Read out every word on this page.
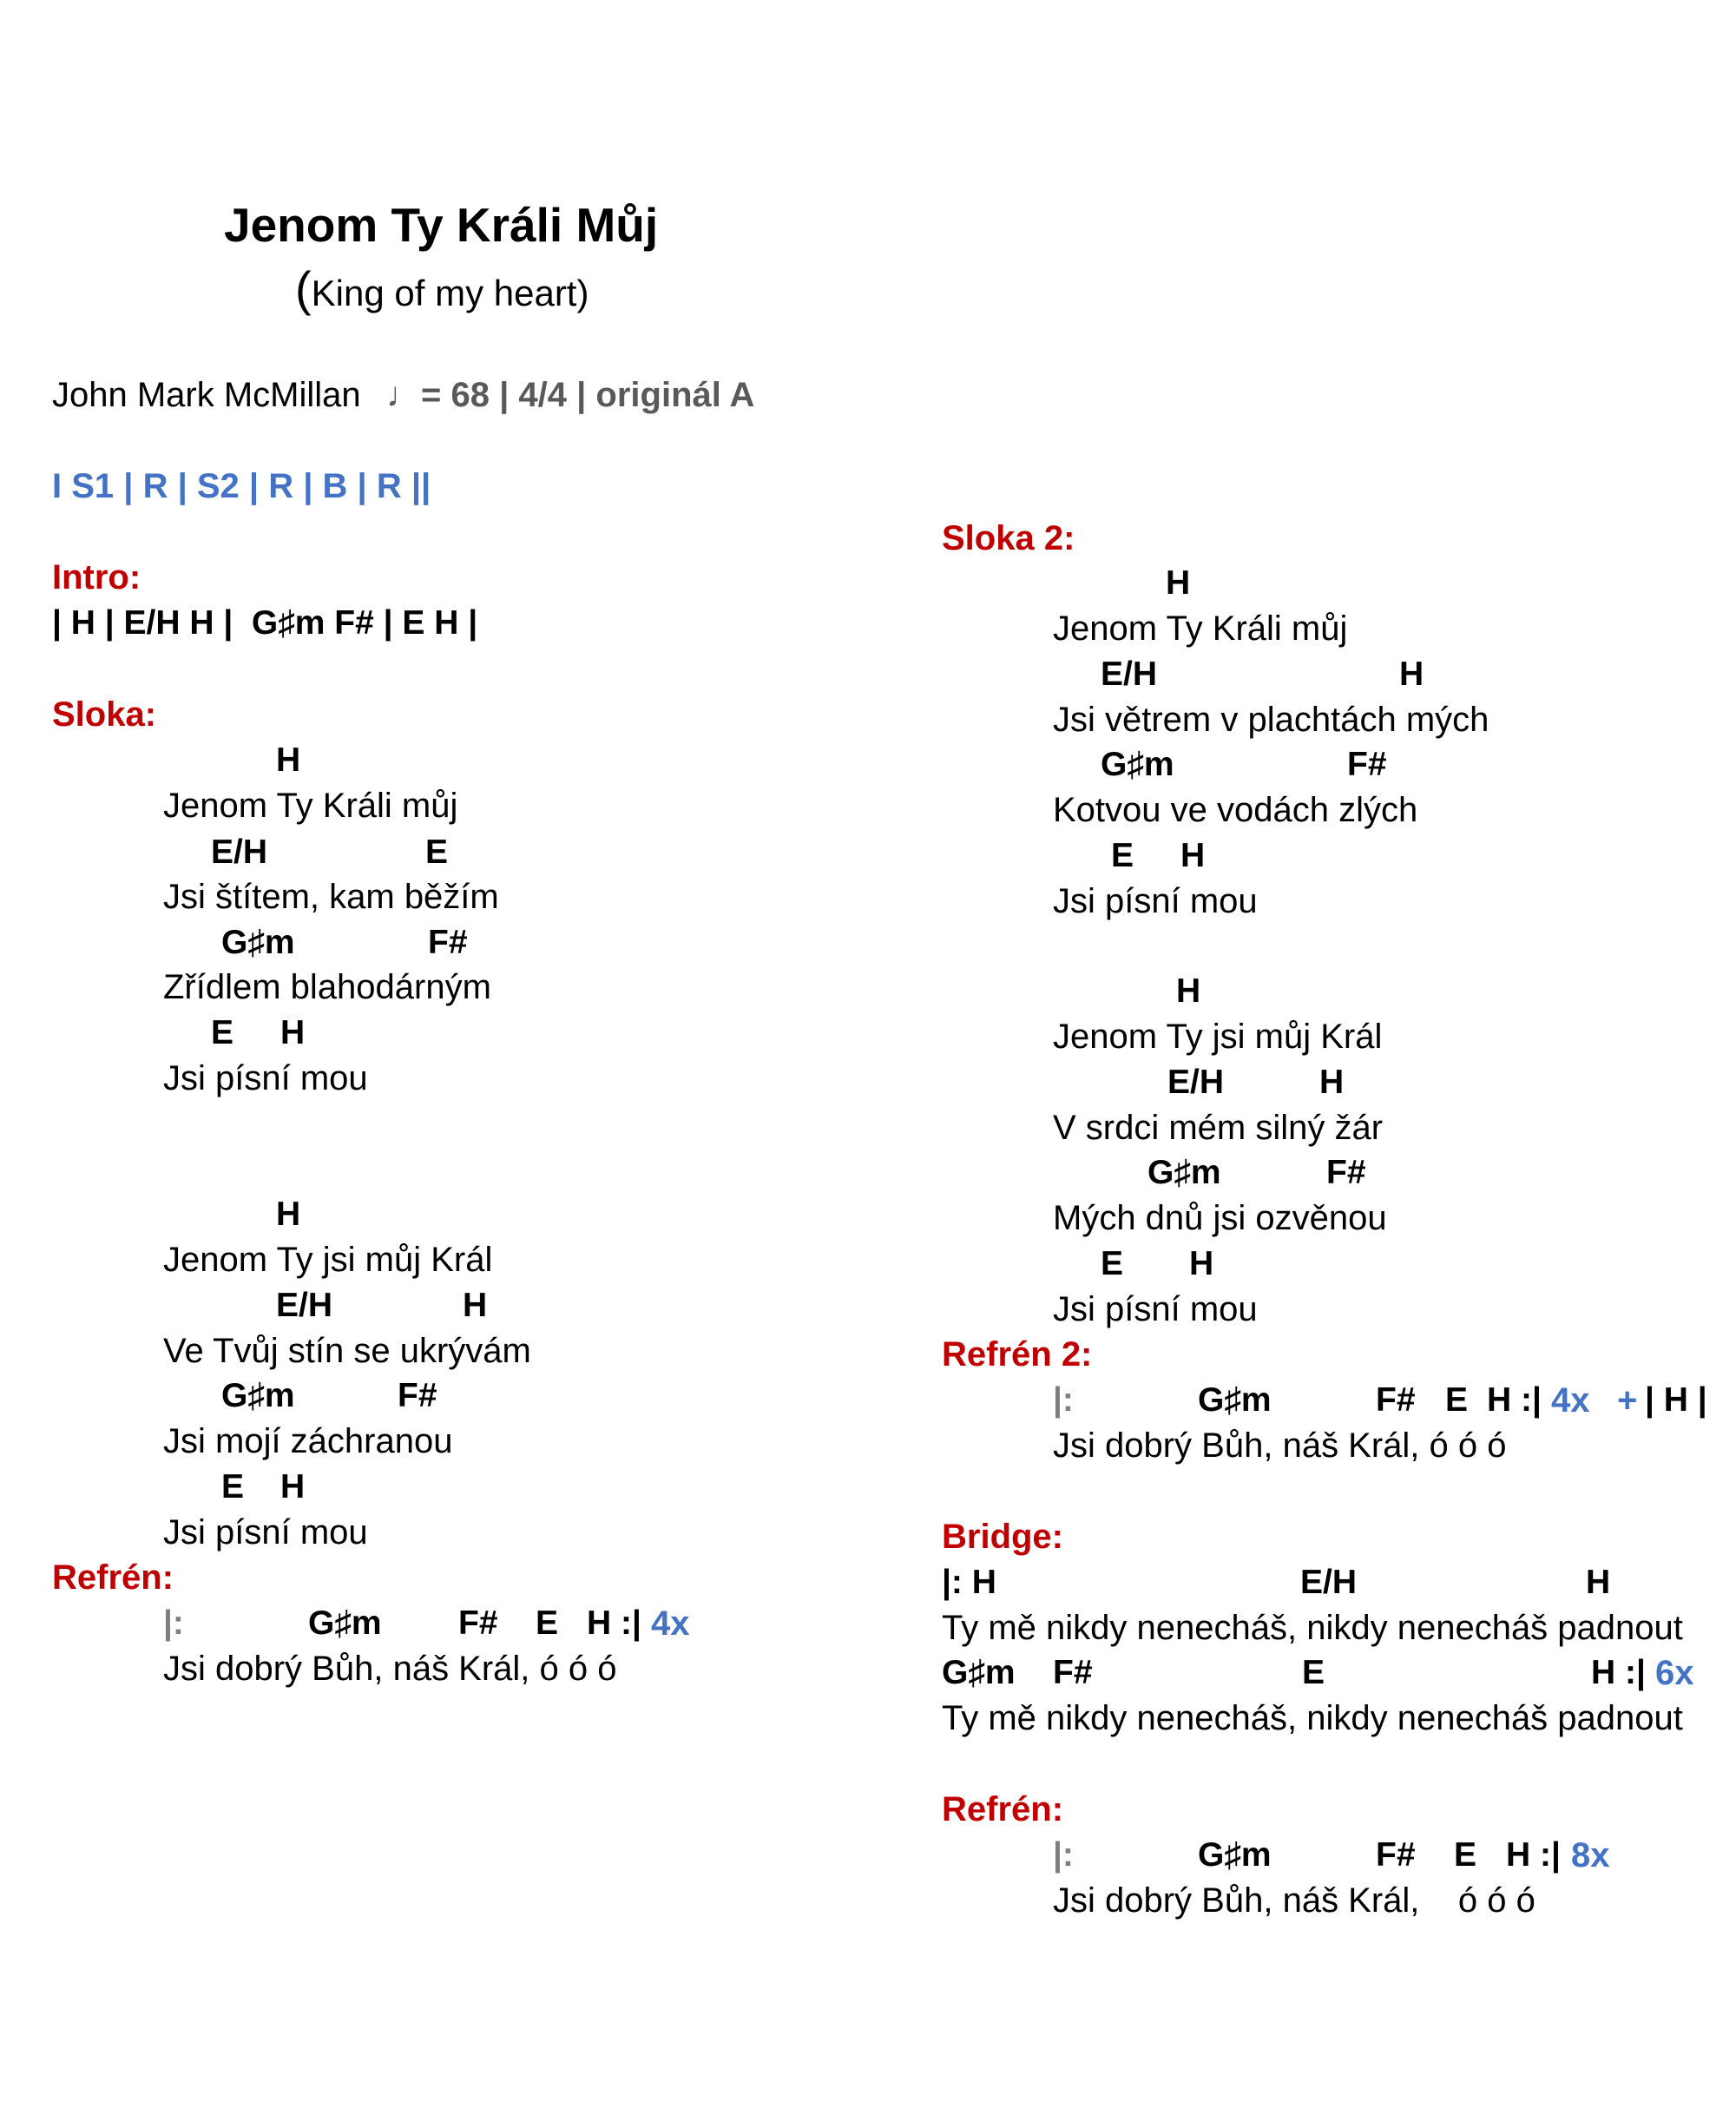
Jenom Ty Králi Můj
(King of my heart)
John Mark McMillan ♩= 68 | 4/4 | originál A
I S1 | R | S2 | R | B | R ||
Intro:
| H | E/H H |  G♯m F# | E H |
Sloka:
H
Jenom Ty Králi můj
E/H	E
Jsi štítem, kam běžím
G♯m	F#
Zřídlem blahodárným
E H
Jsi písní mou
H
Jenom Ty jsi můj Král
E/H	H
Ve Tvůj stín se ukrývám
G♯m	F#
Jsi mojí záchranou
E H
Jsi písní mou
Refrén:
|:	G♯m F# E H :| 4x
Jsi dobrý Bůh, náš Král, ó ó ó
Sloka 2:
H
Jenom Ty Králi můj
E/H	H
Jsi větrem v plachtách mých
G♯m	F#
Kotvou ve vodách zlých
E H
Jsi písní mou
H
Jenom Ty jsi můj Král
E/H	H
V srdci mém silný žár
G♯m	F#
Mých dnů jsi ozvěnou
E H
Jsi písní mou
Refrén 2:
|:	G♯m	F# E H :| 4x + | H |
Jsi dobrý Bůh, náš Král, ó ó ó
Bridge:
|: H	E/H	H
Ty mě nikdy nenecháš, nikdy nenecháš padnout
G♯m F#	E	H :| 6x
Ty mě nikdy nenecháš, nikdy nenecháš padnout
Refrén:
|:	G♯m	F# E H :| 8x
Jsi dobrý Bůh, náš Král,    ó ó ó
